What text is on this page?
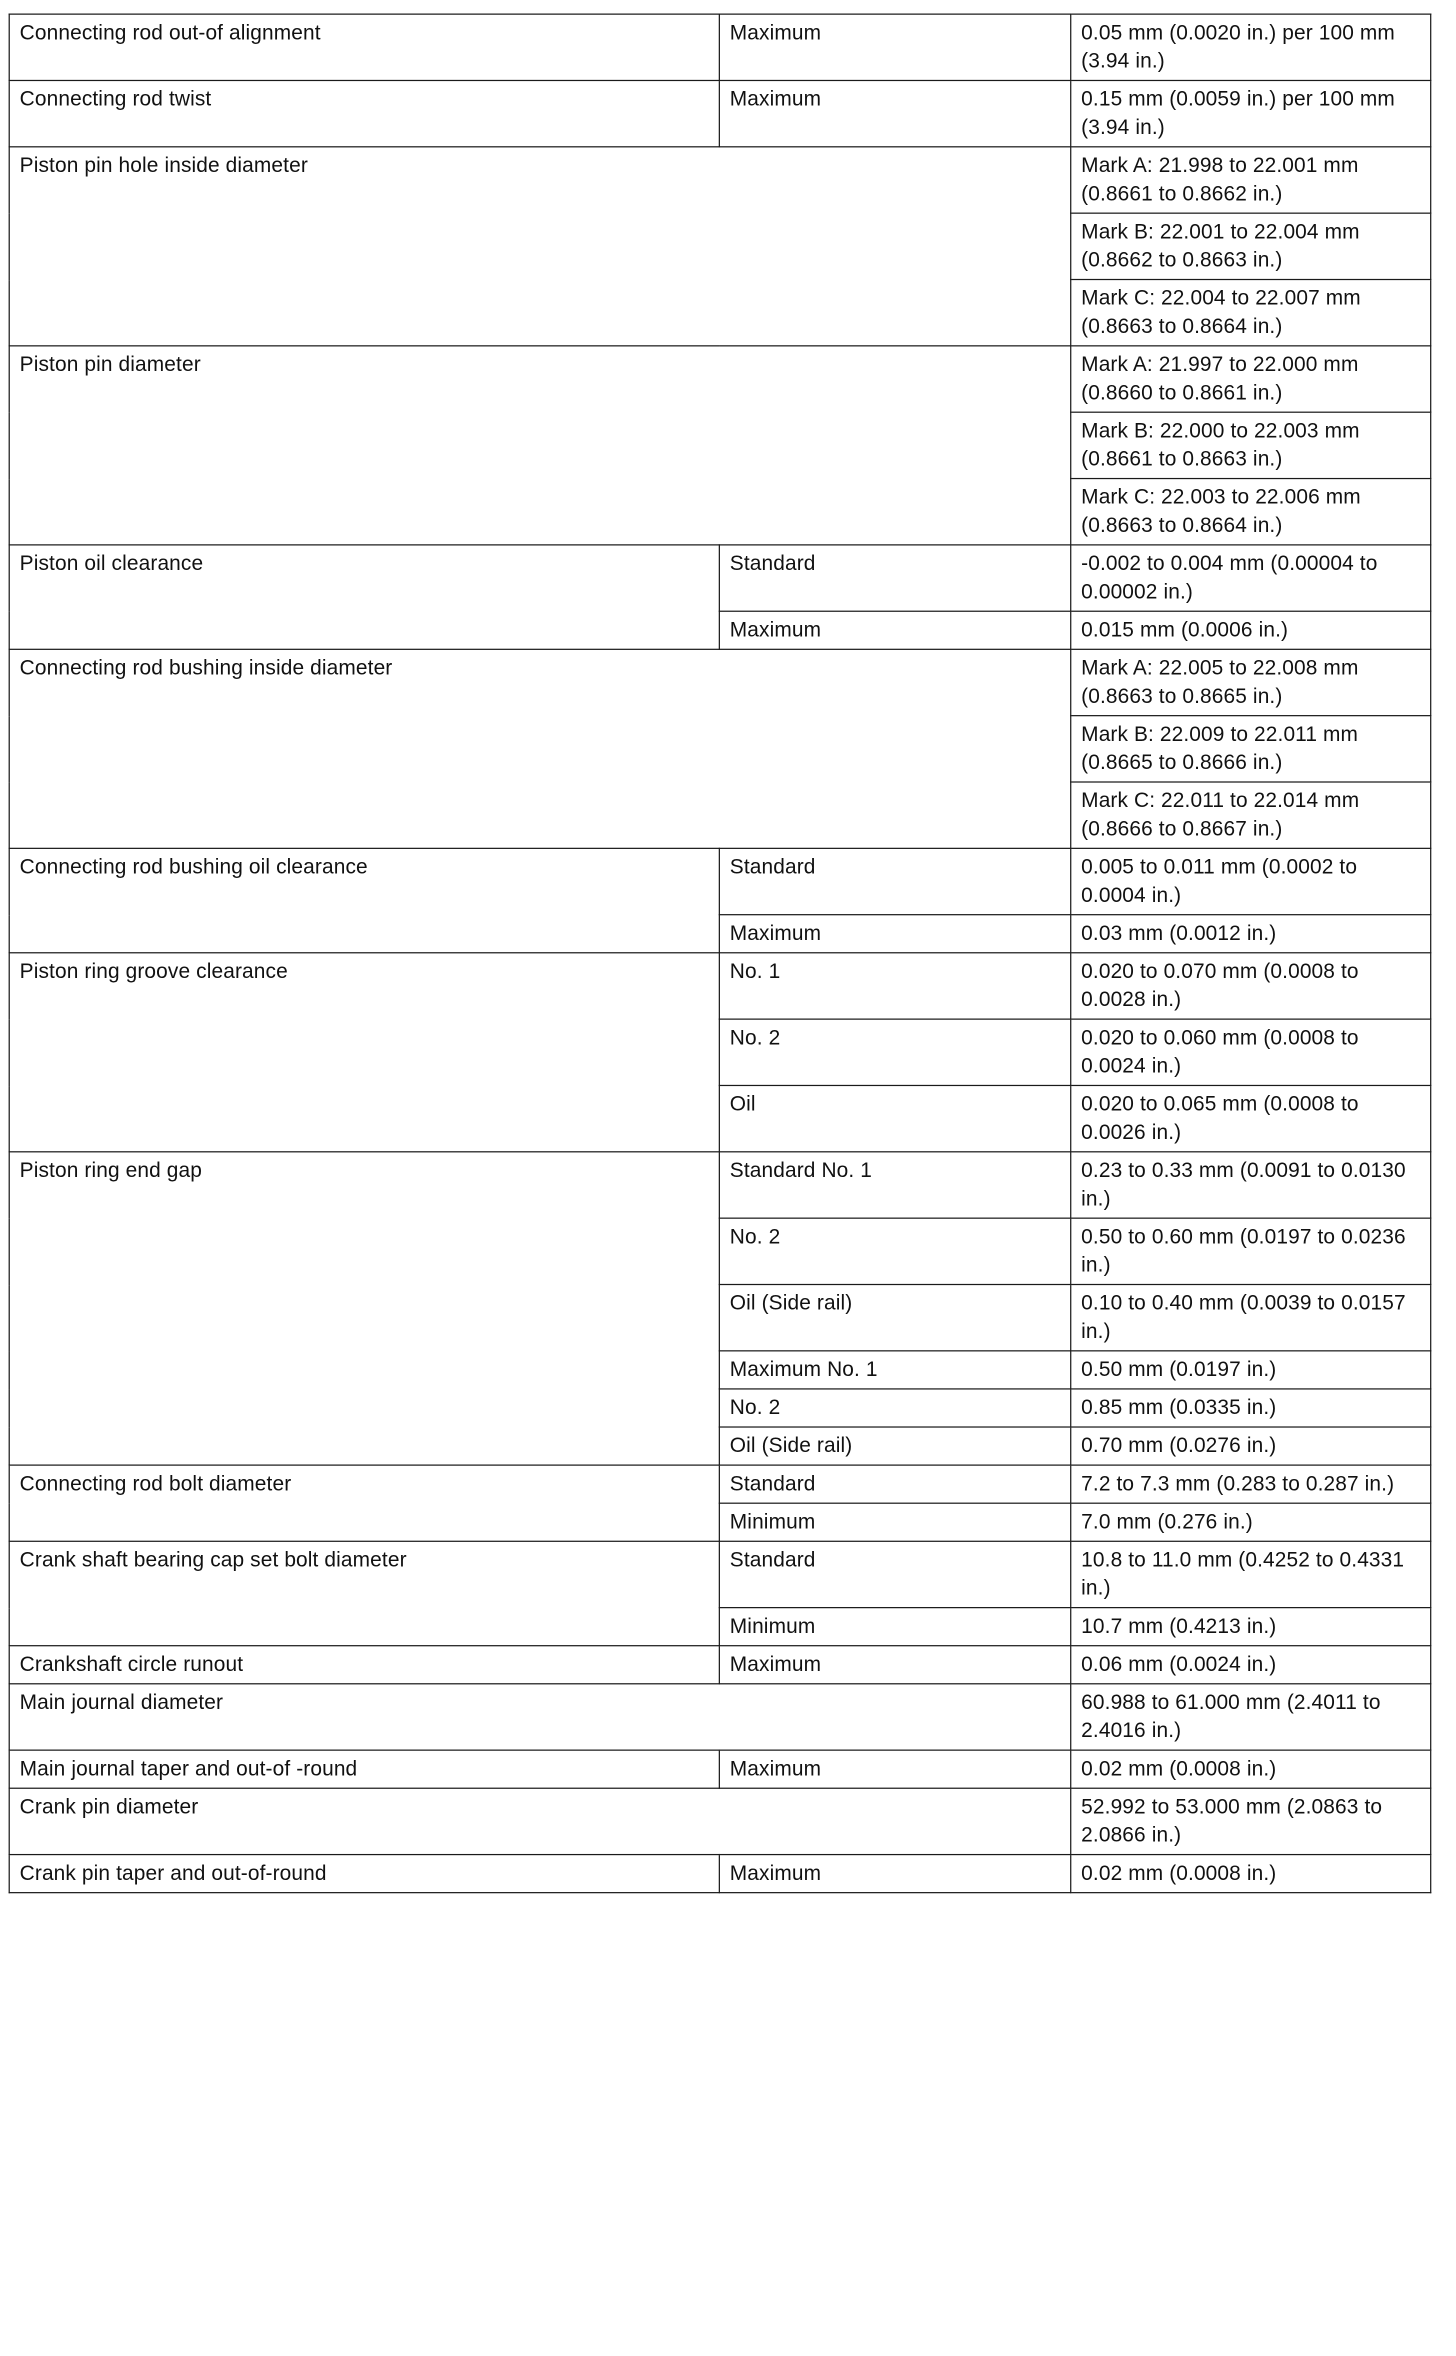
Connecting rod out-of alignment	Maximum	0.05 mm (0.0020 in.) per 100 mm (3.94 in.)
Connecting rod twist	Maximum	0.15 mm (0.0059 in.) per 100 mm (3.94 in.)
Piston pin hole inside diameter		Mark A: 21.998 to 22.001 mm (0.8661 to 0.8662 in.)
		Mark B: 22.001 to 22.004 mm (0.8662 to 0.8663 in.)
		Mark C: 22.004 to 22.007 mm (0.8663 to 0.8664 in.)
Piston pin diameter		Mark A: 21.997 to 22.000 mm (0.8660 to 0.8661 in.)
		Mark B: 22.000 to 22.003 mm (0.8661 to 0.8663 in.)
		Mark C: 22.003 to 22.006 mm (0.8663 to 0.8664 in.)
Piston oil clearance	Standard	-0.002 to 0.004 mm (0.00004 to 0.00002 in.)
	Maximum	0.015 mm (0.0006 in.)
Connecting rod bushing inside diameter		Mark A: 22.005 to 22.008 mm (0.8663 to 0.8665 in.)
		Mark B: 22.009 to 22.011 mm (0.8665 to 0.8666 in.)
		Mark C: 22.011 to 22.014 mm (0.8666 to 0.8667 in.)
Connecting rod bushing oil clearance	Standard	0.005 to 0.011 mm (0.0002 to 0.0004 in.)
	Maximum	0.03 mm (0.0012 in.)
Piston ring groove clearance	No. 1	0.020 to 0.070 mm (0.0008 to 0.0028 in.)
	No. 2	0.020 to 0.060 mm (0.0008 to 0.0024 in.)
	Oil	0.020 to 0.065 mm (0.0008 to 0.0026 in.)
Piston ring end gap	Standard No. 1	0.23 to 0.33 mm (0.0091 to 0.0130 in.)
	No. 2	0.50 to 0.60 mm (0.0197 to 0.0236 in.)
	Oil (Side rail)	0.10 to 0.40 mm (0.0039 to 0.0157 in.)
	Maximum No. 1	0.50 mm (0.0197 in.)
	No. 2	0.85 mm (0.0335 in.)
	Oil (Side rail)	0.70 mm (0.0276 in.)
Connecting rod bolt diameter	Standard	7.2 to 7.3 mm (0.283 to 0.287 in.)
	Minimum	7.0 mm (0.276 in.)
Crank shaft bearing cap set bolt diameter	Standard	10.8 to 11.0 mm (0.4252 to 0.4331 in.)
	Minimum	10.7 mm (0.4213 in.)
Crankshaft circle runout	Maximum	0.06 mm (0.0024 in.)
Main journal diameter		60.988 to 61.000 mm (2.4011 to 2.4016 in.)
Main journal taper and out-of -round	Maximum	0.02 mm (0.0008 in.)
Crank pin diameter		52.992 to 53.000 mm (2.0863 to 2.0866 in.)
Crank pin taper and out-of-round	Maximum	0.02 mm (0.0008 in.)
